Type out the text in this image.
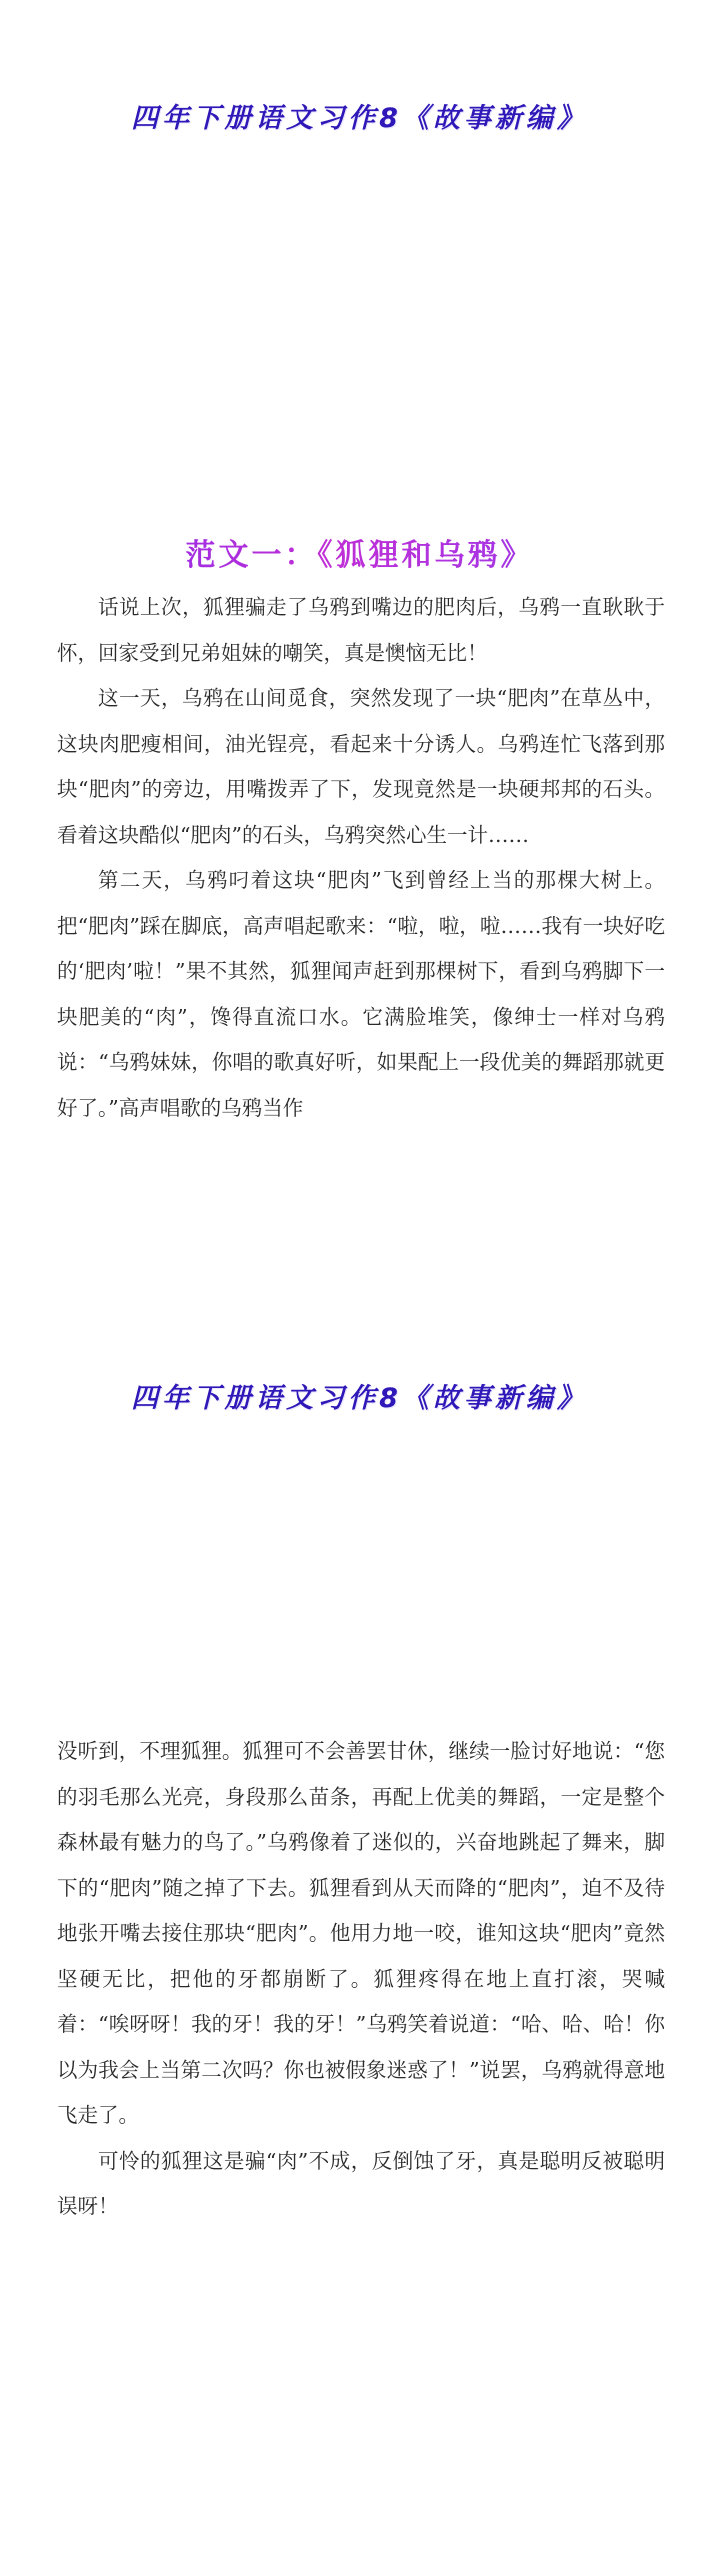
四年下册语文习作8《故事新编》
范文一：《狐狸和乌鸦》

话说上次，狐狸骗走了乌鸦到嘴边的肥肉后，乌鸦一直耿耿于怀，回家受到兄弟姐妹的嘲笑，真是懊恼无比！

这一天，乌鸦在山间觅食，突然发现了一块“肥肉”在草丛中，这块肉肥瘦相间，油光锃亮，看起来十分诱人。乌鸦连忙飞落到那块“肥肉”的旁边，用嘴拨弄了下，发现竟然是一块硬邦邦的石头。看着这块酷似“肥肉”的石头，乌鸦突然心生一计……

第二天，乌鸦叼着这块“肥肉”飞到曾经上当的那棵大树上。把“肥肉”踩在脚底，高声唱起歌来：“啦，啦，啦……我有一块好吃的‘肥肉’啦！”果不其然，狐狸闻声赶到那棵树下，看到乌鸦脚下一块肥美的“肉”，馋得直流口水。它满脸堆笑，像绅士一样对乌鸦说：“乌鸦妹妹，你唱的歌真好听，如果配上一段优美的舞蹈那就更好了。”高声唱歌的乌鸦当作

四年下册语文习作8《故事新编》

没听到，不理狐狸。狐狸可不会善罢甘休，继续一脸讨好地说：“您的羽毛那么光亮，身段那么苗条，再配上优美的舞蹈，一定是整个森林最有魅力的鸟了。”乌鸦像着了迷似的，兴奋地跳起了舞来，脚下的“肥肉”随之掉了下去。狐狸看到从天而降的“肥肉”，迫不及待地张开嘴去接住那块“肥肉”。他用力地一咬，谁知这块“肥肉”竟然坚硬无比，把他的牙都崩断了。狐狸疼得在地上直打滚，哭喊着：“唉呀呀！我的牙！我的牙！”乌鸦笑着说道：“哈、哈、哈！你以为我会上当第二次吗？你也被假象迷惑了！”说罢，乌鸦就得意地飞走了。

可怜的狐狸这是骗“肉”不成，反倒蚀了牙，真是聪明反被聪明误呀！
